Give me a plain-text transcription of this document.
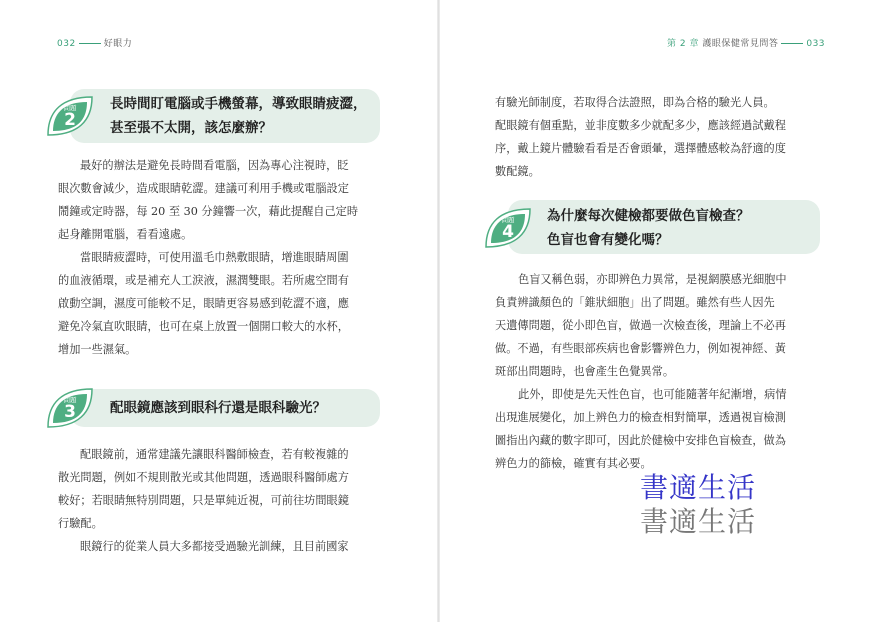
032	好眼力
問題
2
長時間盯電腦或手機螢幕，導致眼睛疲澀，
甚至張不太開，該怎麼辦？
最好的辦法是避免長時間看電腦，因為專心注視時，眨
眼次數會減少，造成眼睛乾澀。建議可利用手機或電腦設定
鬧鐘或定時器，每 20 至 30 分鐘響一次，藉此提醒自己定時
起身離開電腦，看看遠處。
當眼睛疲澀時，可使用溫毛巾熱敷眼睛，增進眼睛周圍
的血液循環，或是補充人工淚液，濕潤雙眼。若所處空間有
啟動空調，濕度可能較不足，眼睛更容易感到乾澀不適，應
避免冷氣直吹眼睛，也可在桌上放置一個開口較大的水杯，
增加一些濕氣。
問題
3	配眼鏡應該到眼科行還是眼科驗光？
配眼鏡前，通常建議先讓眼科醫師檢查，若有較複雜的
散光問題，例如不規則散光或其他問題，透過眼科醫師處方
較好；若眼睛無特別問題，只是單純近視，可前往坊間眼鏡
行驗配。
眼鏡行的從業人員大多都接受過驗光訓練，且目前國家
第 2 章 護眼保健常見問答	033
有驗光師制度，若取得合法證照，即為合格的驗光人員。
配眼鏡有個重點，並非度數多少就配多少，應該經過試戴程
序，戴上鏡片體驗看看是否會頭暈，選擇體感較為舒適的度
數配鏡。
問題
4
為什麼每次健檢都要做色盲檢查？
色盲也會有變化嗎？
色盲又稱色弱，亦即辨色力異常，是視網膜感光細胞中
負責辨識顏色的「錐狀細胞」出了問題。雖然有些人因先
天遺傳問題，從小即色盲，做過一次檢查後，理論上不必再
做。不過，有些眼部疾病也會影響辨色力，例如視神經、黃
斑部出問題時，也會產生色覺異常。
此外，即使是先天性色盲，也可能隨著年紀漸增，病情
出現進展變化，加上辨色力的檢查相對簡單，透過視盲檢測
圖指出內藏的數字即可，因此於健檢中安排色盲檢查，做為
辨色力的篩檢，確實有其必要。
書適生活
書適生活
